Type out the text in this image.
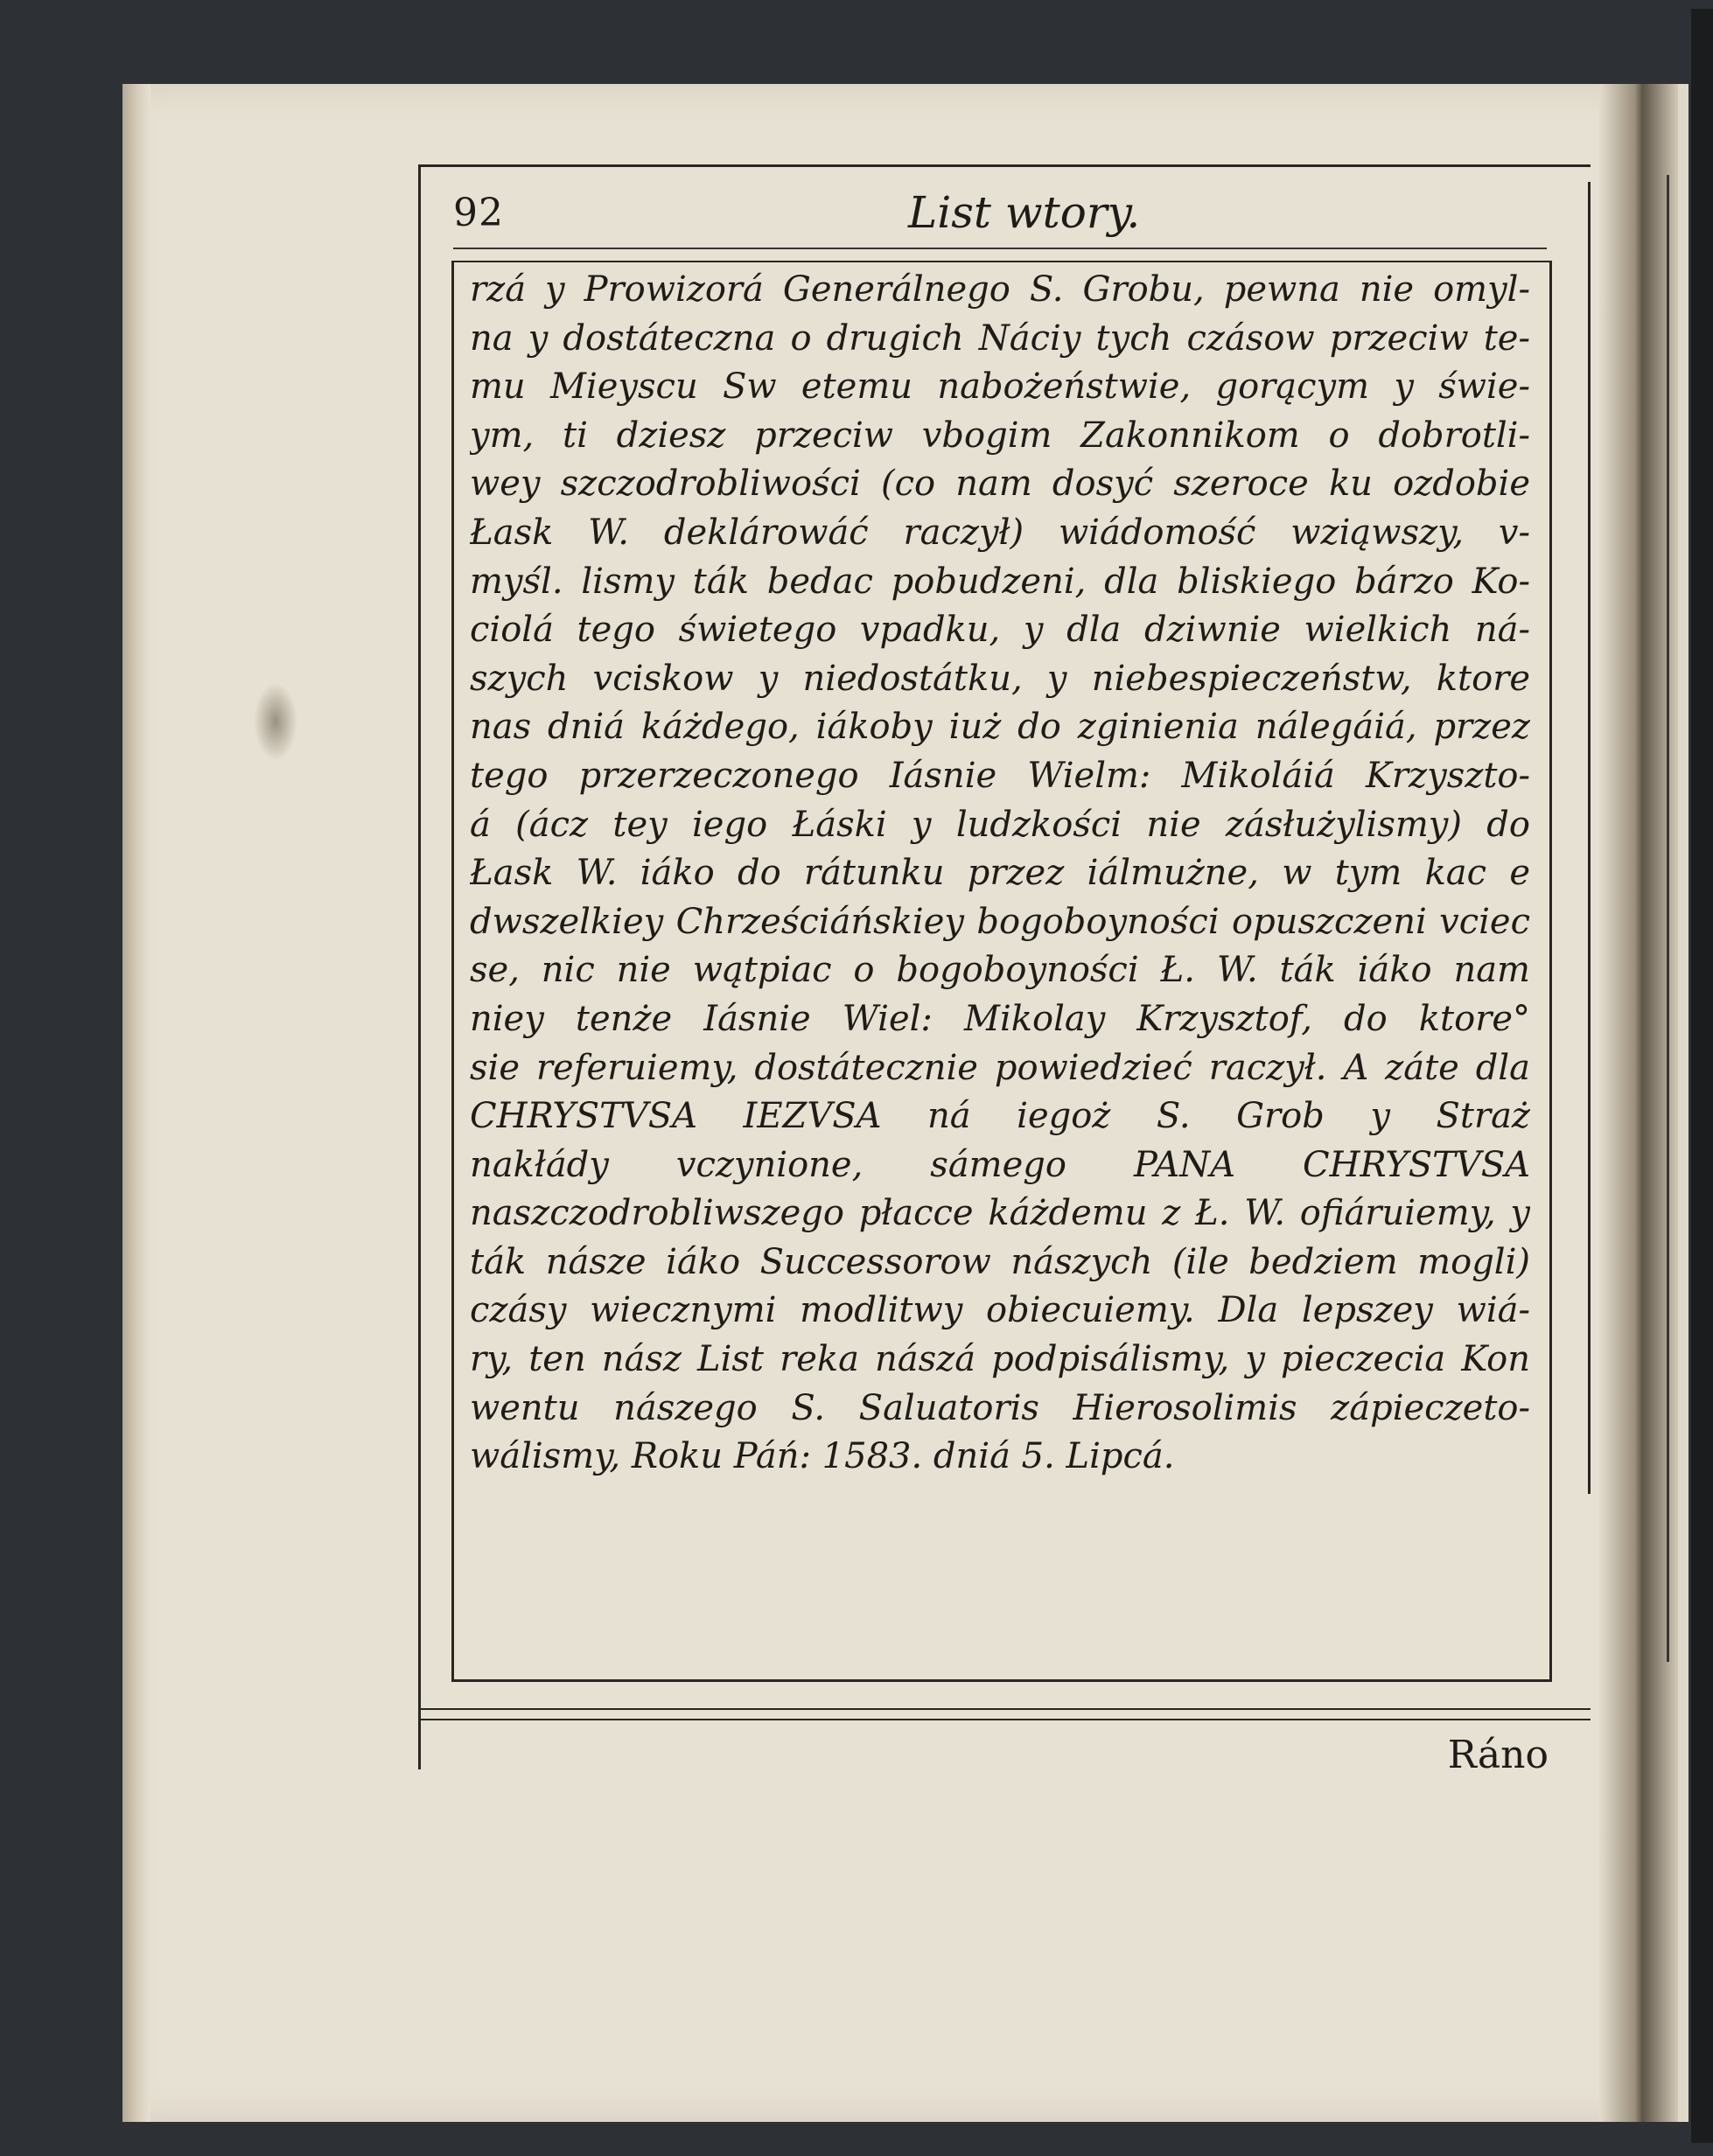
92	List wtory.
rzá y Prowizorá Generálnego S. Grobu, pewna nie omyl-
na y dostáteczna o drugich Náciy tych czásow przeciw te-
mu Mieyscu Sw etemu nabożeństwie, gorącym y świe-
ym, ti dziesz przeciw vbogim Zakonnikom o dobrotli-
wey szczodrobliwości (co nam dosyć szeroce ku ozdobie
Łask W. deklárowáć raczył) wiádomość wziąwszy, v-
myśl. lismy ták bedac pobudzeni, dla bliskiego bárzo Ko-
ciolá tego świetego vpadku, y dla dziwnie wielkich ná-
szych vciskow y niedostátku, y niebespieczeństw, ktore
nas dniá káżdego, iákoby iuż do zginienia nálegáiá, przez
tego przerzeczonego Iásnie Wielm: Mikoláiá Krzyszto-
á (ácz tey iego Łáski y ludzkości nie zásłużylismy) do
Łask W. iáko do rátunku przez iálmużne, w tym kac e
dwszelkiey Chrześciáńskiey bogoboyności opuszczeni vciec
se, nic nie wątpiac o bogoboyności Ł. W. ták iáko nam
niey tenże Iásnie Wiel: Mikolay Krzysztof, do ktore°
sie referuiemy, dostátecznie powiedzieć raczył. A záte dla
CHRYSTVSA IEZVSA ná iegoż S. Grob y Straż
nakłády vczynione, sámego PANA CHRYSTVSA
naszczodrobliwszego płacce káżdemu z Ł. W. ofiáruiemy, y
ták násze iáko Successorow nászych (ile bedziem mogli)
czásy wiecznymi modlitwy obiecuiemy. Dla lepszey wiá-
ry, ten nász List reka nászá podpisálismy, y pieczecia Kon
wentu nászego S. Saluatoris Hierosolimis zápieczeto-
wálismy, Roku Páń: 1583. dniá 5. Lipcá.
Ráno
